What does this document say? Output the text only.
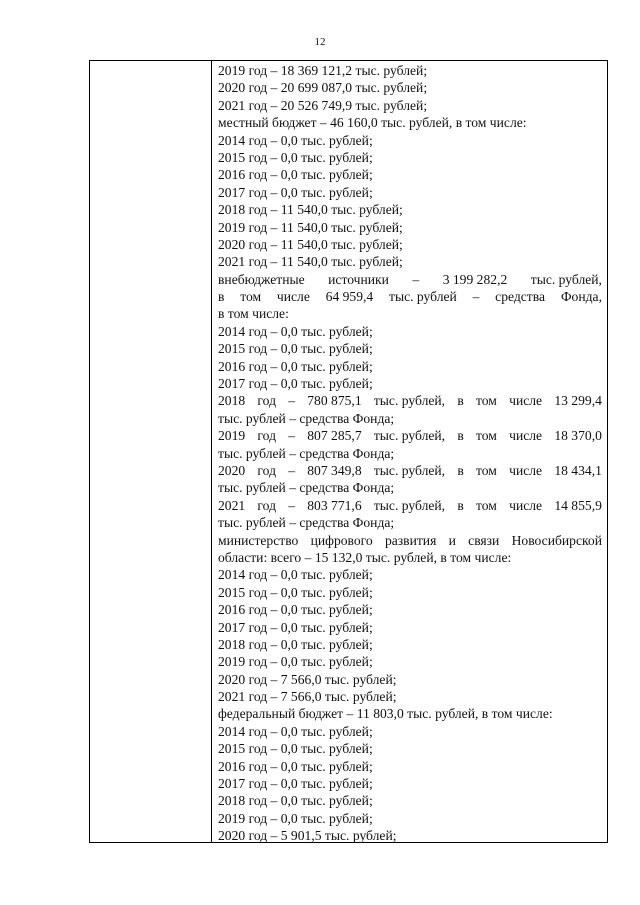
12
2019 год – 18 369 121,2 тыс. рублей;
2020 год – 20 699 087,0 тыс. рублей;
2021 год – 20 526 749,9 тыс. рублей;
местный бюджет – 46 160,0 тыс. рублей, в том числе:
2014 год – 0,0 тыс. рублей;
2015 год – 0,0 тыс. рублей;
2016 год – 0,0 тыс. рублей;
2017 год – 0,0 тыс. рублей;
2018 год – 11 540,0 тыс. рублей;
2019 год – 11 540,0 тыс. рублей;
2020 год – 11 540,0 тыс. рублей;
2021 год – 11 540,0 тыс. рублей;
внебюджетные источники – 3 199 282,2 тыс. рублей,
в том числе 64 959,4 тыс. рублей – средства Фонда,
в том числе:
2014 год – 0,0 тыс. рублей;
2015 год – 0,0 тыс. рублей;
2016 год – 0,0 тыс. рублей;
2017 год – 0,0 тыс. рублей;
2018 год – 780 875,1 тыс. рублей, в том числе 13 299,4
тыс. рублей – средства Фонда;
2019 год – 807 285,7 тыс. рублей, в том числе 18 370,0
тыс. рублей – средства Фонда;
2020 год – 807 349,8 тыс. рублей, в том числе 18 434,1
тыс. рублей – средства Фонда;
2021 год – 803 771,6 тыс. рублей, в том числе 14 855,9
тыс. рублей – средства Фонда;
министерство цифрового развития и связи Новосибирской
области: всего – 15 132,0 тыс. рублей, в том числе:
2014 год – 0,0 тыс. рублей;
2015 год – 0,0 тыс. рублей;
2016 год – 0,0 тыс. рублей;
2017 год – 0,0 тыс. рублей;
2018 год – 0,0 тыс. рублей;
2019 год – 0,0 тыс. рублей;
2020 год – 7 566,0 тыс. рублей;
2021 год – 7 566,0 тыс. рублей;
федеральный бюджет – 11 803,0 тыс. рублей, в том числе:
2014 год – 0,0 тыс. рублей;
2015 год – 0,0 тыс. рублей;
2016 год – 0,0 тыс. рублей;
2017 год – 0,0 тыс. рублей;
2018 год – 0,0 тыс. рублей;
2019 год – 0,0 тыс. рублей;
2020 год – 5 901,5 тыс. рублей;
